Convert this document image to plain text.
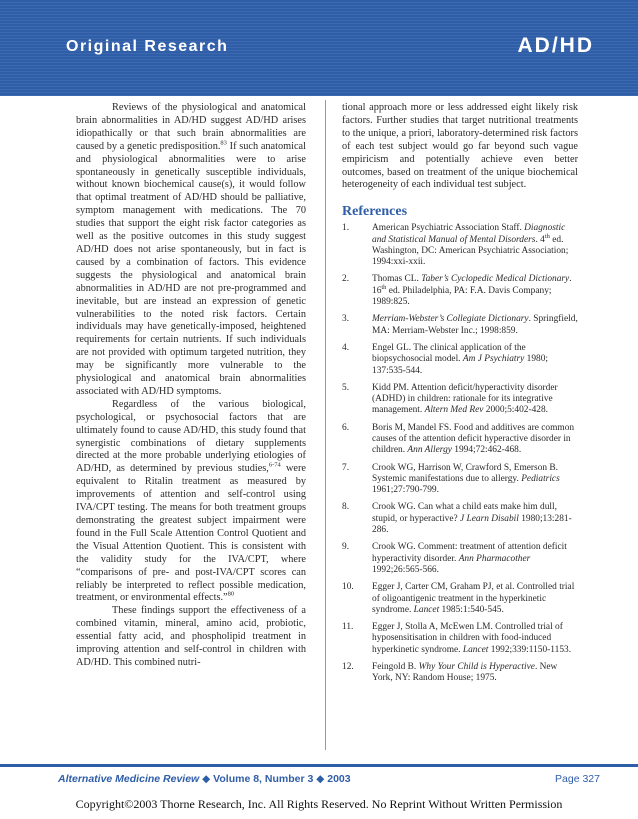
Original Research	AD/HD

Reviews of the physiological and anatomical brain abnormalities in AD/HD suggest AD/HD arises idiopathically or that such brain abnormalities are caused by a genetic predisposition.$^{83}$ If such anatomical and physiological abnormalities were to arise spontaneously in genetically susceptible individuals, without known biochemical cause(s), it would follow that optimal treatment of AD/HD should be palliative, symptom management with medications. The 70 studies that support the eight risk factor categories as well as the positive outcomes in this study suggest AD/HD does not arise spontaneously, but in fact is caused by a combination of factors. This evidence suggests the physiological and anatomical brain abnormalities in AD/HD are not pre-programmed and inevitable, but are instead an expression of genetic vulnerabilities to the noted risk factors. Certain individuals may have genetically-imposed, heightened requirements for certain nutrients. If such individuals are not provided with optimum targeted nutrition, they may be significantly more vulnerable to the physiological and anatomical brain abnormalities associated with AD/HD symptoms.

Regardless of the various biological, psychological, or psychosocial factors that are ultimately found to cause AD/HD, this study found that synergistic combinations of dietary supplements directed at the more probable underlying etiologies of AD/HD, as determined by previous studies,$^{6-74}$ were equivalent to Ritalin treatment as measured by improvements of attention and self-control using IVA/CPT testing. The means for both treatment groups demonstrating the greatest subject impairment were found in the Full Scale Attention Control Quotient and the Visual Attention Quotient. This is consistent with the validity study for the IVA/CPT, where “comparisons of pre- and post-IVA/CPT scores can reliably be interpreted to reflect possible medication, treatment, or environmental effects.”$^{80}$

These findings support the effectiveness of a combined vitamin, mineral, amino acid, probiotic, essential fatty acid, and phospholipid treatment in improving attention and self-control in children with AD/HD. This combined nutri-

tional approach more or less addressed eight likely risk factors. Further studies that target nutritional treatments to the unique, a priori, laboratory-determined risk factors of each test subject would go far beyond such vague empiricism and potentially achieve even better outcomes, based on treatment of the unique biochemical heterogeneity of each individual test subject.

References
1.	American Psychiatric Association Staff. Diagnostic and Statistical Manual of Mental Disorders. 4th ed. Washington, DC: American Psychiatric Association; 1994:xxi-xxii.
2.	Thomas CL. Taber’s Cyclopedic Medical Dictionary. 16th ed. Philadelphia, PA: F.A. Davis Company; 1989:825.
3.	Merriam-Webster’s Collegiate Dictionary. Springfield, MA: Merriam-Webster Inc.; 1998:859.
4.	Engel GL. The clinical application of the biopsychosocial model. Am J Psychiatry 1980; 137:535-544.
5.	Kidd PM. Attention deficit/hyperactivity disorder (ADHD) in children: rationale for its integrative management. Altern Med Rev 2000;5:402-428.
6.	Boris M, Mandel FS. Food and additives are common causes of the attention deficit hyperactive disorder in children. Ann Allergy 1994;72:462-468.
7.	Crook WG, Harrison W, Crawford S, Emerson B. Systemic manifestations due to allergy. Pediatrics 1961;27:790-799.
8.	Crook WG. Can what a child eats make him dull, stupid, or hyperactive? J Learn Disabil 1980;13:281-286.
9.	Crook WG. Comment: treatment of attention deficit hyperactivity disorder. Ann Pharmacother 1992;26:565-566.
10.	Egger J, Carter CM, Graham PJ, et al. Controlled trial of oligoantigenic treatment in the hyperkinetic syndrome. Lancet 1985:1:540-545.
11.	Egger J, Stolla A, McEwen LM. Controlled trial of hyposensitisation in children with food-induced hyperkinetic syndrome. Lancet 1992;339:1150-1153.
12.	Feingold B. Why Your Child is Hyperactive. New York, NY: Random House; 1975.
Alternative Medicine Review ◆ Volume 8, Number 3 ◆ 2003	Page 327
Copyright©2003 Thorne Research, Inc. All Rights Reserved. No Reprint Without Written Permission
